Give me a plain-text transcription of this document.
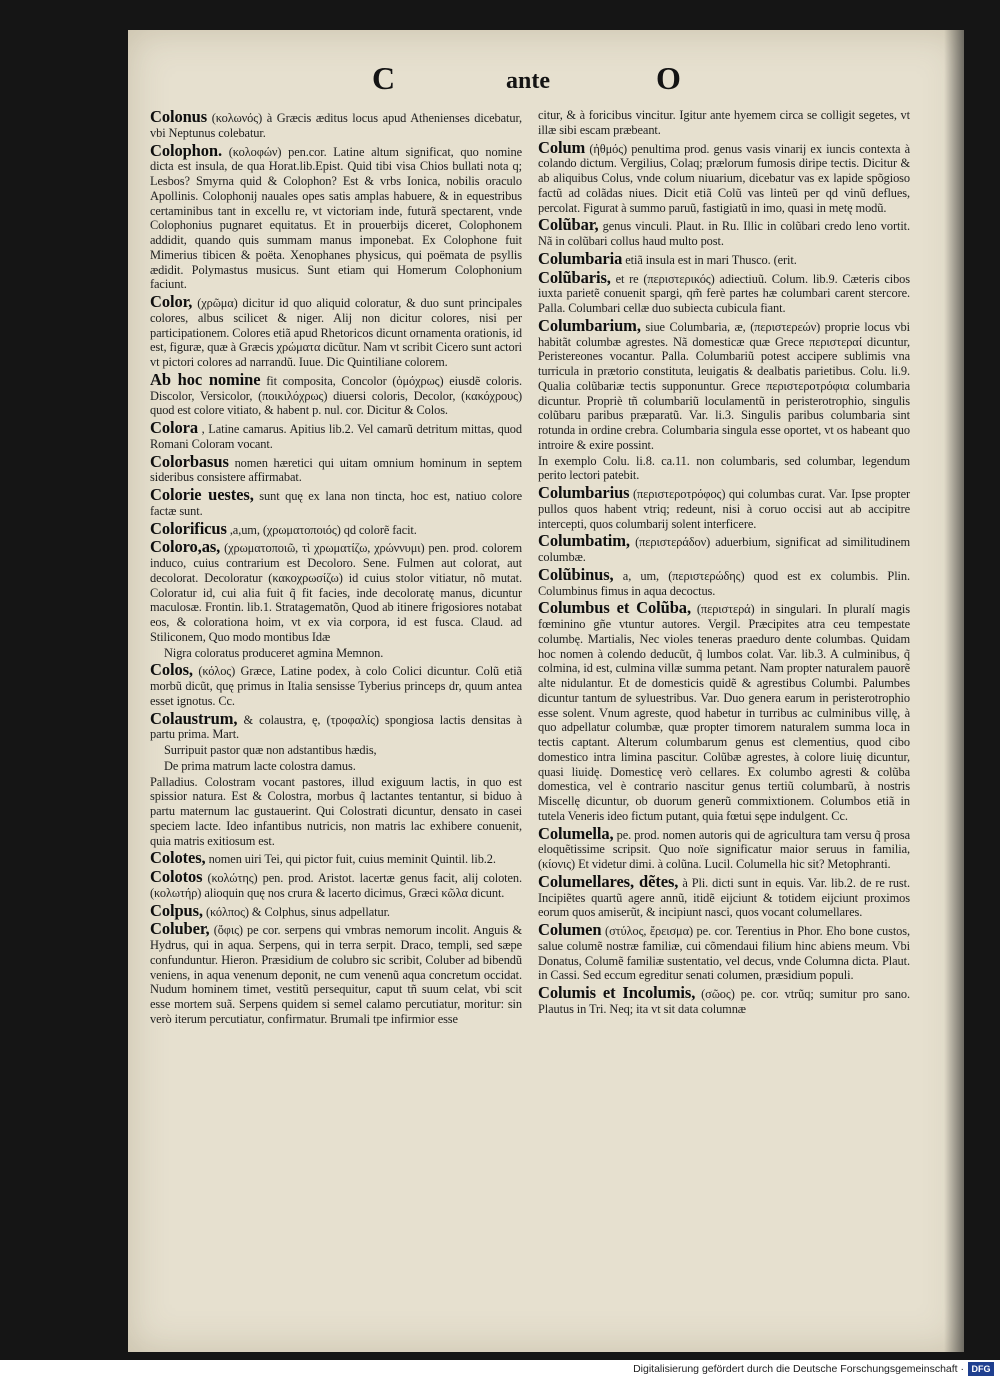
C	ante	O
Colonus (κολωνός) à Græcis æditus locus apud Athenienses dicebatur, vbi Neptunus colebatur.
Colophon. (κολοφών) pen.cor. Latine altum significat, quo nomine dicta est insula, de qua Horat.lib.Epist. Quid tibi visa Chios bullati nota q; Lesbos? Smyrna quid & Colophon? Est & vrbs Ionica, nobilis oraculo Apollinis. Colophonij nauales opes satis amplas habuere, & in equestribus certaminibus tant in excellu re, vt victoriam inde, futurã spectarent, vnde Colophonius pugnaret equitatus. Et in prouerbijs diceret, Colophonem addidit, quando quis summam manus imponebat. Ex Colophone fuit Mimerius tibicen & poëta. Xenophanes physicus, qui poëmata de psyllis ædidit. Polymastus musicus. Sunt etiam qui Homerum Colophonium faciunt.
Color, (χρῶμα) dicitur id quo aliquid coloratur, & duo sunt principales colores, albus scilicet & niger. Alij non dicitur colores, nisi per participationem. Colores etiã apud Rhetoricos dicunt ornamenta orationis, id est, figuræ, quæ à Græcis χρώματα dicũtur. Nam vt scribit Cicero sunt actori vt pictori colores ad narrandũ. Iuue. Dic Quintiliane colorem.
Ab hoc nomine fit composita, Concolor (ὁμόχρως) eiusdẽ coloris. Discolor, Versicolor, (ποικιλόχρως) diuersi coloris, Decolor, (κακόχρους) quod est colore vitiato, & habent p. nul. cor. Dicitur & Colos.
Colora , Latine camarus. Apitius lib.2. Vel camarũ detritum mittas, quod Romani Coloram vocant.
Colorbasus nomen hæretici qui uitam omnium hominum in septem sideribus consistere affirmabat.
Colorie uestes, sunt quę ex lana non tincta, hoc est, natiuo colore factæ sunt.
Colorificus ,a,um, (χρωματοποιός) qd colorẽ facit.
Coloro,as, (χρωματοποιῶ, τὶ χρωματίζω, χρώννυμι) pen. prod. colorem induco, cuius contrarium est Decoloro. Sene. Fulmen aut colorat, aut decolorat. Decoloratur (κακοχρωσίζω) id cuius stolor vitiatur, nõ mutat. Coloratur id, cui alia fuit q̃ fit facies, inde decoloratę manus, dicuntur maculosæ. Frontin. lib.1. Stratagematõn, Quod ab itinere frigosiores notabat eos, & colorationa hoim, vt ex via corpora, id est fusca. Claud. ad Stiliconem, Quo modo montibus Idæ
Nigra coloratus produceret agmina Memnon.
Colos, (κόλος) Græce, Latine podex, à colo Colici dicuntur. Colũ etiã morbũ dicũt, quę primus in Italia sensisse Tyberius princeps dr, quum antea esset ignotus. Cc.
Colaustrum, & colaustra, ę, (τροφαλίς) spongiosa lactis densitas à partu prima. Mart.
Surripuit pastor quæ non adstantibus hædis,
De prima matrum lacte colostra damus.
Palladius. Colostram vocant pastores, illud exiguum lactis, in quo est spissior natura. Est & Colostra, morbus q̃ lactantes tentantur, si biduo à partu maternum lac gustauerint. Qui Colostrati dicuntur, densato in casei speciem lacte. Ideo infantibus nutricis, non matris lac exhibere conuenit, quia matris exitiosum est.
Colotes, nomen uiri Tei, qui pictor fuit, cuius meminit Quintil. lib.2.
Colotos (κολώτης) pen. prod. Aristot. lacertæ genus facit, alij coloten. (κολωτήρ) alioquin quę nos crura & lacerto dicimus, Græci κῶλα dicunt.
Colpus, (κόλπος) & Colphus, sinus adpellatur.
Coluber, (ὄφις) pe cor. serpens qui vmbras nemorum incolit. Anguis & Hydrus, qui in aqua. Serpens, qui in terra serpit. Draco, templi, sed sæpe confunduntur. Hieron. Præsidium de colubro sic scribit, Coluber ad bibendũ veniens, in aqua venenum deponit, ne cum venenũ aqua concretum occidat. Nudum hominem timet, vestitũ persequitur, caput tñ suum celat, vbi scit esse mortem suã. Serpens quidem si semel calamo percutiatur, moritur: sin verò iterum percutiatur, confirmatur. Brumali tpe infirmior esse
citur, & à foricibus vincitur. Igitur ante hyemem circa se colligit segetes, vt illæ sibi escam præbeant.
Colum (ἠθμός) penultima prod. genus vasis vinarij ex iuncis contexta à colando dictum. Vergilius, Colaq; prælorum fumosis diripe tectis. Dicitur & ab aliquibus Colus, vnde colum niuarium, dicebatur vas ex lapide spõgioso factũ ad colãdas niues. Dicit etiã Colũ vas linteũ per qd vinũ deflues, percolat. Figurat à summo paruũ, fastigiatũ in imo, quasi in metę modũ.
Colũbar, genus vinculi. Plaut. in Ru. Illic in colũbari credo leno vortit. Nã in colũbari collus haud multo post.
Columbaria etiã insula est in mari Thusco. (erit.
Colũbaris, et re (περιστερικός) adiectiuũ. Colum. lib.9. Cæteris cibos iuxta parietẽ conuenit spargi, qm̃ ferè partes hæ columbari carent stercore. Palla. Columbari cellæ duo subiecta cubicula fiant.
Columbarium, siue Columbaria, æ, (περιστερεών) proprie locus vbi habitãt columbæ agrestes. Nã domesticæ quæ Grece περιστεραί dicuntur, Peristereones vocantur. Palla. Columbariũ potest accipere sublimis vna turricula in prætorio constituta, leuigatis & dealbatis parietibus. Colu. li.9. Qualia colũbariæ tectis supponuntur. Grece περιστεροτρόφια columbaria dicuntur. Propriè tñ columbariũ loculamentũ in peristerotrophio, singulis colũbaru paribus præparatũ. Var. li.3. Singulis paribus columbaria sint rotunda in ordine crebra. Columbaria singula esse oportet, vt os habeant quo introire & exire possint.
In exemplo Colu. li.8. ca.11. non columbaris, sed columbar, legendum perito lectori patebit.
Columbarius (περιστεροτρόφος) qui columbas curat. Var. Ipse propter pullos quos habent vtriq; redeunt, nisi à coruo occisi aut ab accipitre intercepti, quos columbarij solent interficere.
Columbatim, (περιστεράδον) aduerbium, significat ad similitudinem columbæ.
Colũbinus, a, um, (περιστερώδης) quod est ex columbis. Plin. Columbinus fimus in aqua decoctus.
Columbus et Colũba, (περιστερά) in singulari. In pluralí magis fœminino gñe vtuntur autores. Vergil. Præcipites atra ceu tempestate columbę. Martialis, Nec violes teneras praeduro dente columbas. Quidam hoc nomen à colendo deducũt, q̃ lumbos colat. Var. lib.3. A culminibus, q̃ colmina, id est, culmina villæ summa petant. Nam propter naturalem pauorẽ alte nidulantur. Et de domesticis quidẽ & agrestibus Columbi. Palumbes dicuntur tantum de syluestribus. Var. Duo genera earum in peristerotrophio esse solent. Vnum agreste, quod habetur in turribus ac culminibus villę, à quo adpellatur columbæ, quæ propter timorem naturalem summa loca in tectis captant. Alterum columbarum genus est clementius, quod cibo domestico intra limina pascitur. Colũbæ agrestes, à colore liuię dicuntur, quasi liuidę. Domesticę verò cellares. Ex columbo agresti & colũba domestica, vel è contrario nascitur genus tertiũ columbarũ, à nostris Miscellę dicuntur, ob duorum generũ commixtionem. Columbos etiã in tutela Veneris ideo fictum putant, quia fœtui sępe indulgent. Cc.
Columella, pe. prod. nomen autoris qui de agricultura tam versu q̃ prosa eloquẽtissime scripsit. Quo noïe significatur maior seruus in familia, (κίονις) Et videtur dimi. à colũna. Lucil. Columella hic sit? Metophranti.
Columellares, dẽtes, à Pli. dicti sunt in equis. Var. lib.2. de re rust. Incipiẽtes quartũ agere annũ, itidẽ eijciunt & totidem eijciunt proximos eorum quos amiserũt, & incipiunt nasci, quos vocant columellares.
Columen (στύλος, ἔρεισμα) pe. cor. Terentius in Phor. Eho bone custos, salue columẽ nostræ familiæ, cui cõmendaui filium hinc abiens meum. Vbi Donatus, Columẽ familiæ sustentatio, vel decus, vnde Columna dicta. Plaut. in Cassi. Sed eccum egreditur senati columen, præsidium populi.
Columis et Incolumis, (σῶος) pe. cor. vtrũq; sumitur pro sano. Plautus in Tri. Neq; ita vt sit data columnæ
Digitalisierung gefördert durch die Deutsche Forschungsgemeinschaft · DFG
